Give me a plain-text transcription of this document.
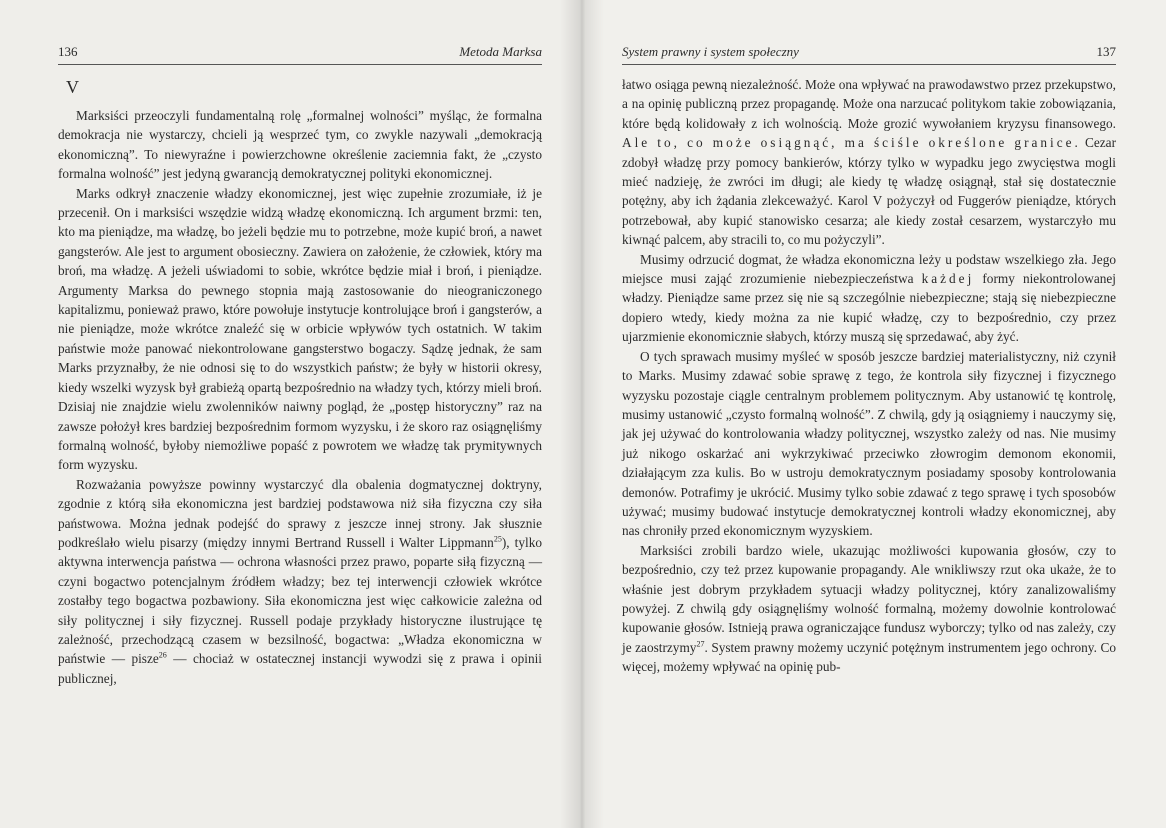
136	Metoda Marksa
V

Marksiści przeoczyli fundamentalną rolę „formalnej wolności” myśląc, że formalna demokracja nie wystarczy, chcieli ją wesprzeć tym, co zwykle nazywali „demokracją ekonomiczną”. To niewyraźne i powierzchowne określenie zaciemnia fakt, że „czysto formalna wolność” jest jedyną gwarancją demokratycznej polityki ekonomicznej.

Marks odkrył znaczenie władzy ekonomicznej, jest więc zupełnie zrozumiałe, iż je przecenił. On i marksiści wszędzie widzą władzę ekonomiczną. Ich argument brzmi: ten, kto ma pieniądze, ma władzę, bo jeżeli będzie mu to potrzebne, może kupić broń, a nawet gangsterów. Ale jest to argument obosieczny. Zawiera on założenie, że człowiek, który ma broń, ma władzę. A jeżeli uświadomi to sobie, wkrótce będzie miał i broń, i pieniądze. Argumenty Marksa do pewnego stopnia mają zastosowanie do nieograniczonego kapitalizmu, ponieważ prawo, które powołuje instytucje kontrolujące broń i gangsterów, a nie pieniądze, może wkrótce znaleźć się w orbicie wpływów tych ostatnich. W takim państwie może panować niekontrolowane gangsterstwo bogaczy. Sądzę jednak, że sam Marks przyznałby, że nie odnosi się to do wszystkich państw; że były w historii okresy, kiedy wszelki wyzysk był grabieżą opartą bezpośrednio na władzy tych, którzy mieli broń. Dzisiaj nie znajdzie wielu zwolenników naiwny pogląd, że „postęp historyczny” raz na zawsze położył kres bardziej bezpośrednim formom wyzysku, i że skoro raz osiągnęliśmy formalną wolność, byłoby niemożliwe popaść z powrotem we władzę tak prymitywnych form wyzysku.

Rozważania powyższe powinny wystarczyć dla obalenia dogmatycznej doktryny, zgodnie z którą siła ekonomiczna jest bardziej podstawowa niż siła fizyczna czy siła państwowa. Można jednak podejść do sprawy z jeszcze innej strony. Jak słusznie podkreślało wielu pisarzy (między innymi Bertrand Russell i Walter Lippmann$^{25}$), tylko aktywna interwencja państwa — ochrona własności przez prawo, poparte siłą fizyczną — czyni bogactwo potencjalnym źródłem władzy; bez tej interwencji człowiek wkrótce zostałby tego bogactwa pozbawiony. Siła ekonomiczna jest więc całkowicie zależna od siły politycznej i siły fizycznej. Russell podaje przykłady historyczne ilustrujące tę zależność, przechodzącą czasem w bezsilność, bogactwa: „Władza ekonomiczna w państwie — pisze$^{26}$ — chociaż w ostatecznej instancji wywodzi się z prawa i opinii publicznej,

System prawny i system społeczny	137

łatwo osiąga pewną niezależność. Może ona wpływać na prawodawstwo przez przekupstwo, a na opinię publiczną przez propagandę. Może ona narzucać politykom takie zobowiązania, które będą kolidowały z ich wolnością. Może grozić wywołaniem kryzysu finansowego. Ale to, co może osiągnąć, ma ściśle określone granice. Cezar zdobył władzę przy pomocy bankierów, którzy tylko w wypadku jego zwycięstwa mogli mieć nadzieję, że zwróci im długi; ale kiedy tę władzę osiągnął, stał się dostatecznie potężny, aby ich żądania zlekceważyć. Karol V pożyczył od Fuggerów pieniądze, których potrzebował, aby kupić stanowisko cesarza; ale kiedy został cesarzem, wystarczyło mu kiwnąć palcem, aby stracili to, co mu pożyczyli”.

Musimy odrzucić dogmat, że władza ekonomiczna leży u podstaw wszelkiego zła. Jego miejsce musi zająć zrozumienie niebezpieczeństwa każdej formy niekontrolowanej władzy. Pieniądze same przez się nie są szczególnie niebezpieczne; stają się niebezpieczne dopiero wtedy, kiedy można za nie kupić władzę, czy to bezpośrednio, czy przez ujarzmienie ekonomicznie słabych, którzy muszą się sprzedawać, aby żyć.

O tych sprawach musimy myśleć w sposób jeszcze bardziej materialistyczny, niż czynił to Marks. Musimy zdawać sobie sprawę z tego, że kontrola siły fizycznej i fizycznego wyzysku pozostaje ciągle centralnym problemem politycznym. Aby ustanowić tę kontrolę, musimy ustanowić „czysto formalną wolność”. Z chwilą, gdy ją osiągniemy i nauczymy się, jak jej używać do kontrolowania władzy politycznej, wszystko zależy od nas. Nie musimy już nikogo oskarżać ani wykrzykiwać przeciwko złowrogim demonom ekonomii, działającym zza kulis. Bo w ustroju demokratycznym posiadamy sposoby kontrolowania demonów. Potrafimy je ukrócić. Musimy tylko sobie zdawać z tego sprawę i tych sposobów używać; musimy budować instytucje demokratycznej kontroli władzy ekonomicznej, aby nas chroniły przed ekonomicznym wyzyskiem.

Marksiści zrobili bardzo wiele, ukazując możliwości kupowania głosów, czy to bezpośrednio, czy też przez kupowanie propagandy. Ale wnikliwszy rzut oka ukaże, że to właśnie jest dobrym przykładem sytuacji władzy politycznej, który zanalizowaliśmy powyżej. Z chwilą gdy osiągnęliśmy wolność formalną, możemy dowolnie kontrolować kupowanie głosów. Istnieją prawa ograniczające fundusz wyborczy; tylko od nas zależy, czy je zaostrzymy$^{27}$. System prawny możemy uczynić potężnym instrumentem jego ochrony. Co więcej, możemy wpływać na opinię pub-
